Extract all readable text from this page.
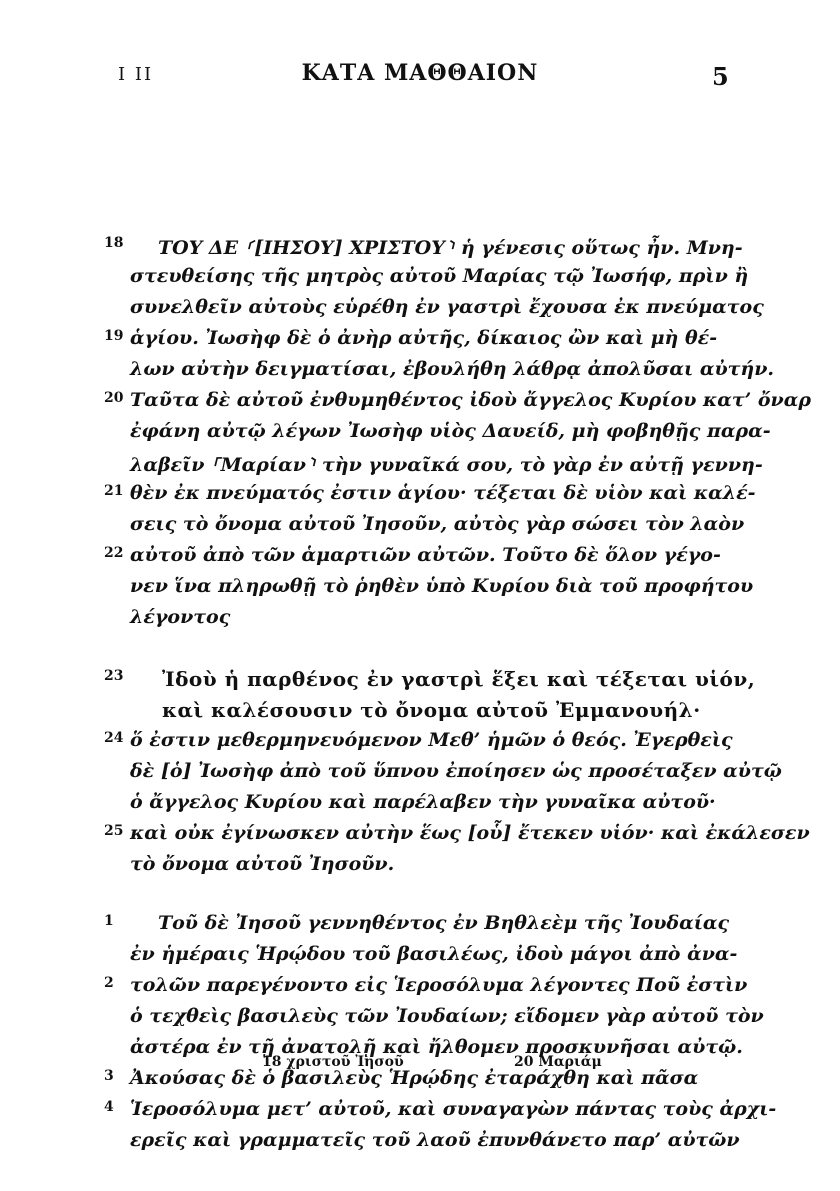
I II	ΚΑΤΑ ΜΑΘΘΑΙΟΝ	5
18 ΤΟΥ ΔΕ ⸂[ΙΗΣΟΥ] ΧΡΙΣΤΟΥ⸃ ἡ γένεσις οὕτως ἦν. Μνη-
στευθείσης τῆς μητρὸς αὐτοῦ Μαρίας τῷ Ἰωσήφ, πρὶν ἢ
συνελθεῖν αὐτοὺς εὑρέθη ἐν γαστρὶ ἔχουσα ἐκ πνεύματος
19 ἁγίου. Ἰωσὴφ δὲ ὁ ἀνὴρ αὐτῆς, δίκαιος ὢν καὶ μὴ θέ-
λων αὐτὴν δειγματίσαι, ἐβουλήθη λάθρᾳ ἀπολῦσαι αὐτήν.
20 Ταῦτα δὲ αὐτοῦ ἐνθυμηθέντος ἰδοὺ ἄγγελος Κυρίου κατ’ ὄναρ
ἐφάνη αὐτῷ λέγων Ἰωσὴφ υἱὸς Δαυείδ, μὴ φοβηθῇς παρα-
λαβεῖν ⸀Μαρίαν⸃ τὴν γυναῖκά σου, τὸ γὰρ ἐν αὐτῇ γεννη-
21 θὲν ἐκ πνεύματός ἐστιν ἁγίου· τέξεται δὲ υἱὸν καὶ καλέ-
σεις τὸ ὄνομα αὐτοῦ Ἰησοῦν, αὐτὸς γὰρ σώσει τὸν λαὸν
22 αὐτοῦ ἀπὸ τῶν ἁμαρτιῶν αὐτῶν. Τοῦτο δὲ ὅλον γέγο-
νεν ἵνα πληρωθῇ τὸ ῥηθὲν ὑπὸ Κυρίου διὰ τοῦ προφήτου
λέγοντος
23 Ἰδοὺ ἡ παρθένος ἐν γαστρὶ ἕξει καὶ τέξεται υἱόν,
καὶ καλέσουσιν τὸ ὄνομα αὐτοῦ Ἐμμανουήλ·
24 ὅ ἐστιν μεθερμηνευόμενον Μεθ’ ἡμῶν ὁ θεός. Ἐγερθεὶς
δὲ [ὁ] Ἰωσὴφ ἀπὸ τοῦ ὕπνου ἐποίησεν ὡς προσέταξεν αὐτῷ
ὁ ἄγγελος Κυρίου καὶ παρέλαβεν τὴν γυναῖκα αὐτοῦ·
25 καὶ οὐκ ἐγίνωσκεν αὐτὴν ἕως [οὗ] ἔτεκεν υἱόν· καὶ ἐκάλεσεν
τὸ ὄνομα αὐτοῦ Ἰησοῦν.
1	Τοῦ δὲ Ἰησοῦ γεννηθέντος ἐν Βηθλεὲμ τῆς Ἰουδαίας
ἐν ἡμέραις Ἡρῴδου τοῦ βασιλέως, ἰδοὺ μάγοι ἀπὸ ἀνα-
2 τολῶν παρεγένοντο εἰς Ἱεροσόλυμα λέγοντες Ποῦ ἐστὶν
ὁ τεχθεὶς βασιλεὺς τῶν Ἰουδαίων; εἴδομεν γὰρ αὐτοῦ τὸν
ἀστέρα ἐν τῇ ἀνατολῇ καὶ ἤλθομεν προσκυνῆσαι αὐτῷ.
3 Ἀκούσας δὲ ὁ βασιλεὺς Ἡρῴδης ἐταράχθη καὶ πᾶσα
4 Ἱεροσόλυμα μετ’ αὐτοῦ, καὶ συναγαγὼν πάντας τοὺς ἀρχι-
ερεῖς καὶ γραμματεῖς τοῦ λαοῦ ἐπυνθάνετο παρ’ αὐτῶν
18 χριστοῦ Ἰησοῦ	20 Μαριάμ
